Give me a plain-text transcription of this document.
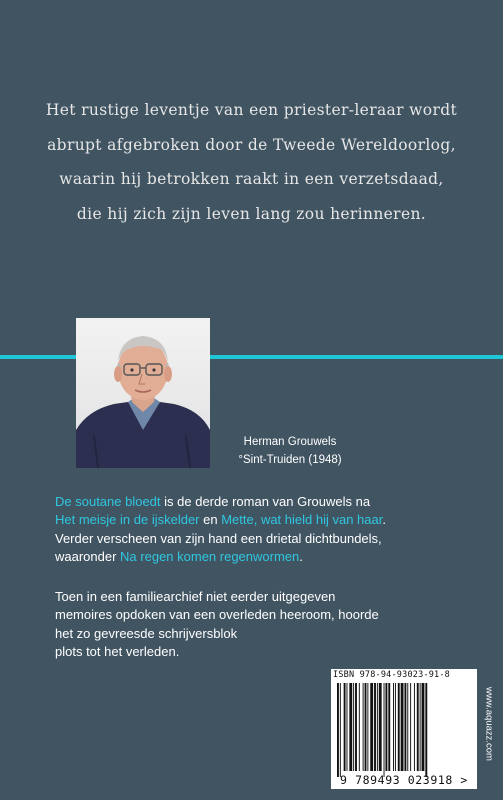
Het rustige leventje van een priester-leraar wordt
abrupt afgebroken door de Tweede Wereldoorlog,
waarin hij betrokken raakt in een verzetsdaad,
die hij zich zijn leven lang zou herinneren.
Herman Grouwels
°Sint-Truiden (1948)
De soutane bloedt is de derde roman van Grouwels na
Het meisje in de ijskelder en Mette, wat hield hij van haar.
Verder verscheen van zijn hand een drietal dichtbundels,
waaronder Na regen komen regenwormen.
Toen in een familiearchief niet eerder uitgegeven
memoires opdoken van een overleden heeroom, hoorde
het zo gevreesde schrijversblok
plots tot het verleden.
ISBN 978-94-93023-91-8
9 789493 023918 >
www.aquazz.com
